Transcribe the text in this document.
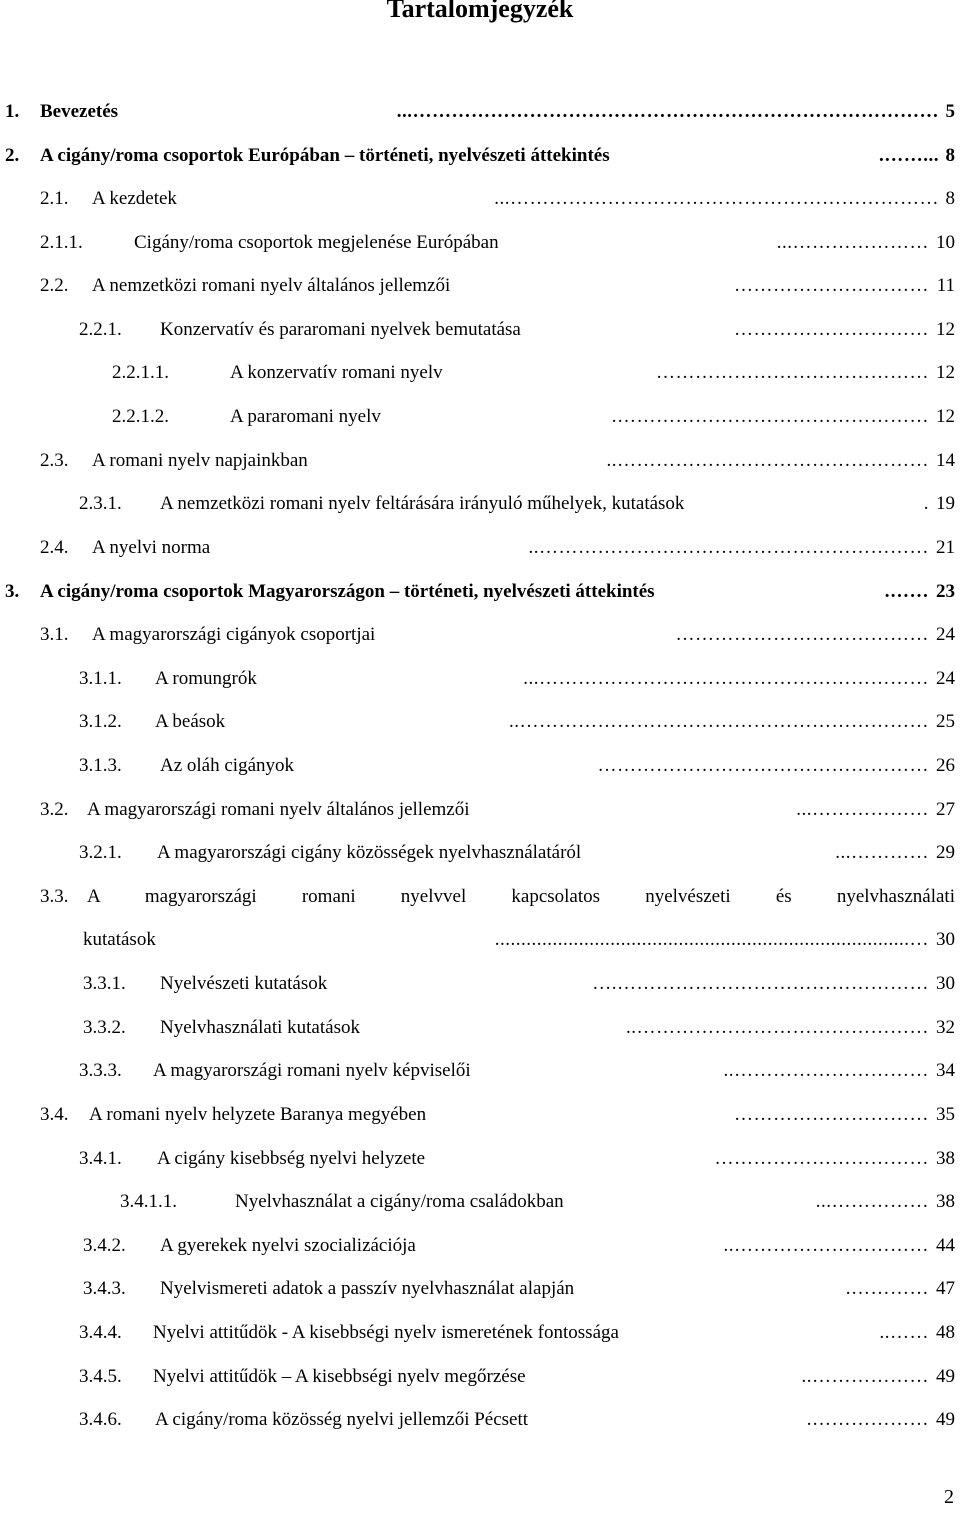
Tartalomjegyzék
1. Bevezetés	5
………………………………………………………………………...
2. A cigány/roma csoportok Európában – történeti, nyelvészeti áttekintés	8
...…….
2.1. A kezdetek	8
…………………………………………………………...
2.1.1.	Cigány/roma csoportok megjelenése Európában	10
…………………...
2.2. A nemzetközi romani nyelv általános jellemzői	11
…………………………
2.2.1. Konzervatív és pararomani nyelvek bemutatása	12
…………………………
2.2.1.1.	A konzervatív romani nyelv	12
……………………………………
2.2.1.2.	A pararomani nyelv	12
………………………………………….
2.3. A romani nyelv napjainkban	14
…………………………………………..
2.3.1. A nemzetközi romani nyelv feltárására irányuló műhelyek, kutatások	19
.
2.4. A nyelvi norma	21
……………………………………………………..
3. A cigány/roma csoportok Magyarországon – történeti, nyelvészeti áttekintés	23
…….
3.1. A magyarországi cigányok csoportjai	24
…………………………………
3.1.1. A romungrók	24
……………………………………………………...
3.1.2. A beások	25
………………………………………………………..
3.1.3. Az oláh cigányok	26
……………………………………………
3.2. A magyarországi romani nyelv általános jellemzői	27
………………...
3.2.1. A magyarországi cigány közösségek nyelvhasználatáról	29
…………...
3.3. A magyarországi romani nyelvvel kapcsolatos nyelvészeti és nyelvhasználati
kutatások	30
…...............................................................................
3.3.1. Nyelvészeti kutatások	30
………………………………………….…
3.3.2. Nyelvhasználati kutatások	32
………………………………………..
3.3.3. A magyarországi romani nyelv képviselői	34
…………………………..
3.4. A romani nyelv helyzete Baranya megyében	35
…………………………
3.4.1. A cigány kisebbség nyelvi helyzete	38
……………………………
3.4.1.1.	Nyelvhasználat a cigány/roma családokban	38
……………...
3.4.2. A gyerekek nyelvi szocializációja	44
…………………………..
3.4.3. Nyelvismereti adatok a passzív nyelvhasználat alapján	47
………….
3.4.4. Nyelvi attitűdök - A kisebbségi nyelv ismeretének fontossága	48
……..
3.4.5. Nyelvi attitűdök – A kisebbségi nyelv megőrzése	49
………………..
3.4.6. A cigány/roma közösség nyelvi jellemzői Pécsett	49
……………….
2
